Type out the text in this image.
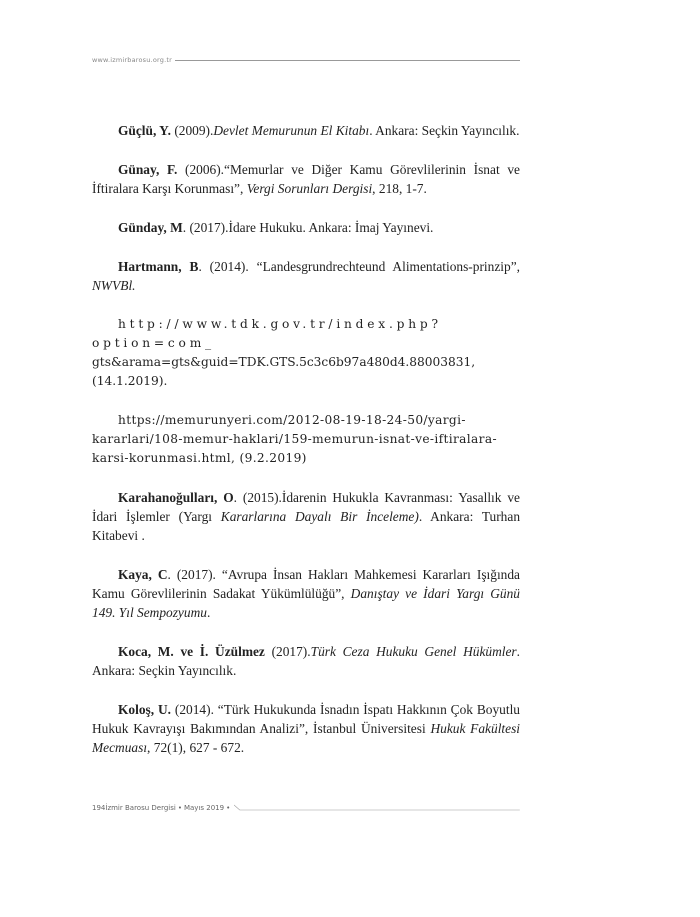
www.izmirbarosu.org.tr

Güçlü, Y. (2009).Devlet Memurunun El Kitabı. Ankara: Seçkin Yayıncılık.

Günay, F. (2006).“Memurlar ve Diğer Kamu Görevlilerinin İsnat ve İftiralara Karşı Korunması”, Vergi Sorunları Dergisi, 218, 1-7.

Günday, M. (2017).İdare Hukuku. Ankara: İmaj Yayınevi.

Hartmann, B. (2014). “Landesgrundrechteund Alimentations-prinzip”, NWVBl.

http://www.tdk.gov.tr/index.php?option=com_ gts&arama=gts&guid=TDK.GTS.5c3c6b97a480d4.88003831, (14.1.2019).

https://memurunyeri.com/2012-08-19-18-24-50/yargi-kararlari/108-memur-haklari/159-memurun-isnat-ve-iftiralara-karsi-korunmasi.html, (9.2.2019)

Karahanoğulları, O. (2015).İdarenin Hukukla Kavranması: Yasallık ve İdari İşlemler (Yargı Kararlarına Dayalı Bir İnceleme). Ankara: Turhan Kitabevi .

Kaya, C. (2017). “Avrupa İnsan Hakları Mahkemesi Kararları Işığında Kamu Görevlilerinin Sadakat Yükümlülüğü”, Danıştay ve İdari Yargı Günü 149. Yıl Sempozyumu.

Koca, M. ve İ. Üzülmez (2017).Türk Ceza Hukuku Genel Hükümler. Ankara: Seçkin Yayıncılık.

Koloş, U. (2014). “Türk Hukukunda İsnadın İspatı Hakkının Çok Boyutlu Hukuk Kavrayışı Bakımından Analizi”, İstanbul Üniversitesi Hukuk Fakültesi Mecmuası, 72(1), 627 - 672.

194İzmir Barosu Dergisi • Mayıs 2019 •
